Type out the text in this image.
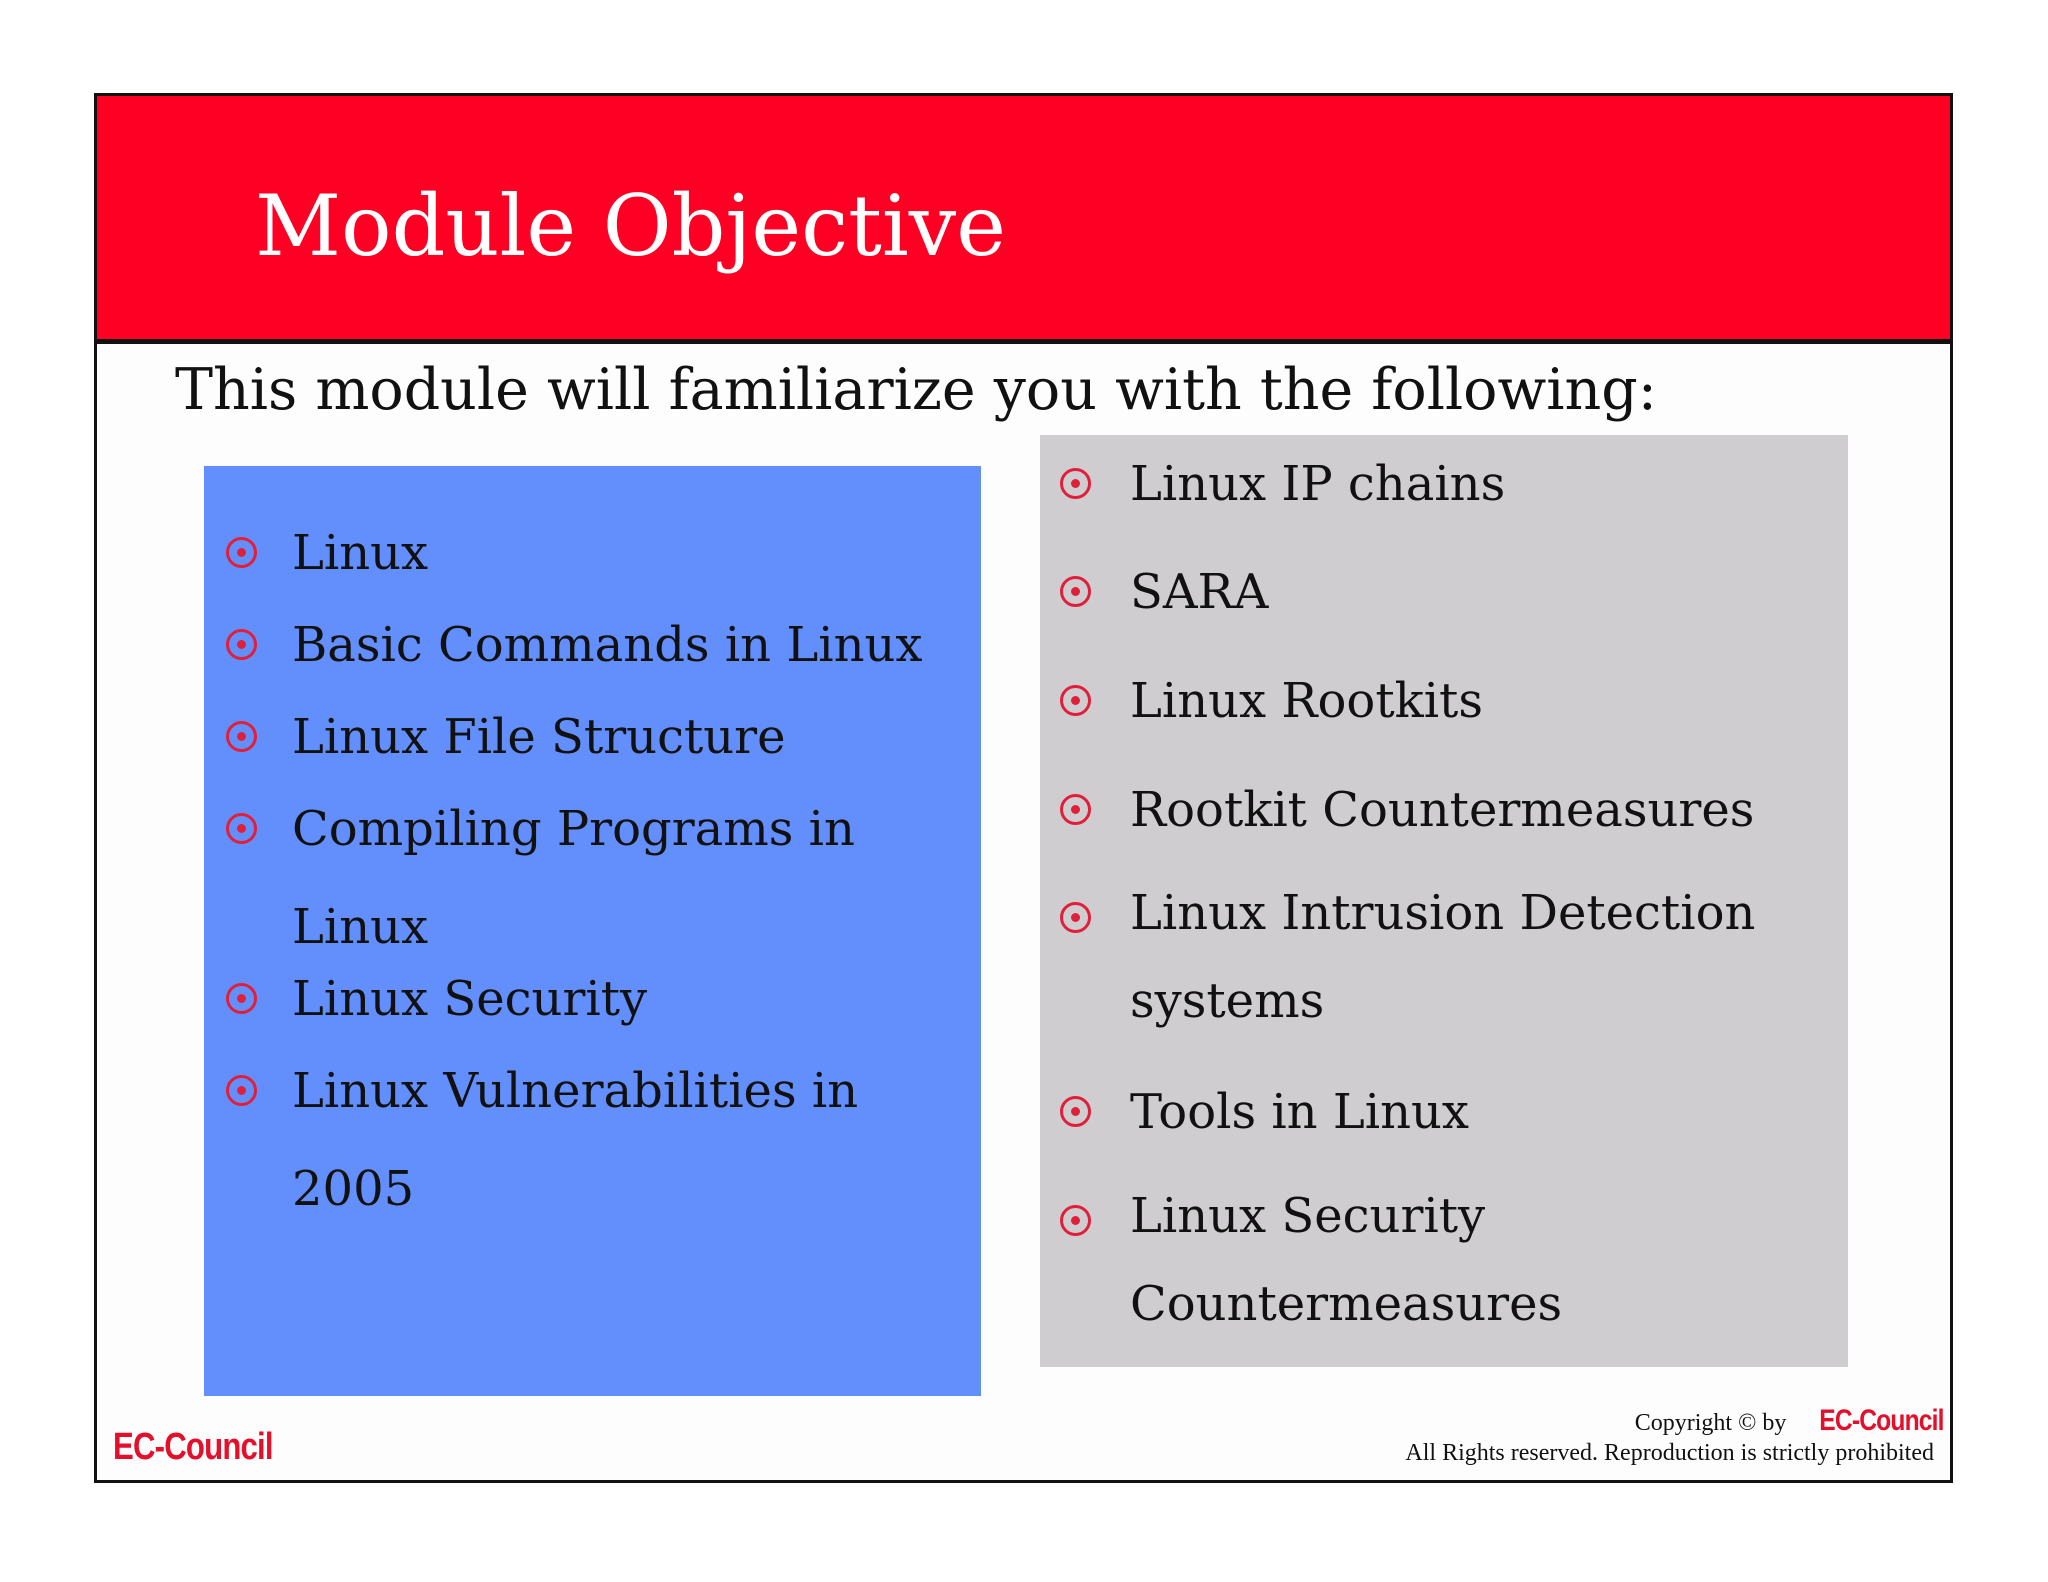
Module Objective
This module will familiarize you with the following:
Linux
Basic Commands in Linux
Linux File Structure
Compiling Programs in
Linux
Linux Security
Linux Vulnerabilities in
2005
Linux IP chains
SARA
Linux Rootkits
Rootkit Countermeasures
Linux Intrusion Detection
systems
Tools in Linux
Linux Security
Countermeasures
EC-Council
Copyright © by EC-Council
All Rights reserved. Reproduction is strictly prohibited
